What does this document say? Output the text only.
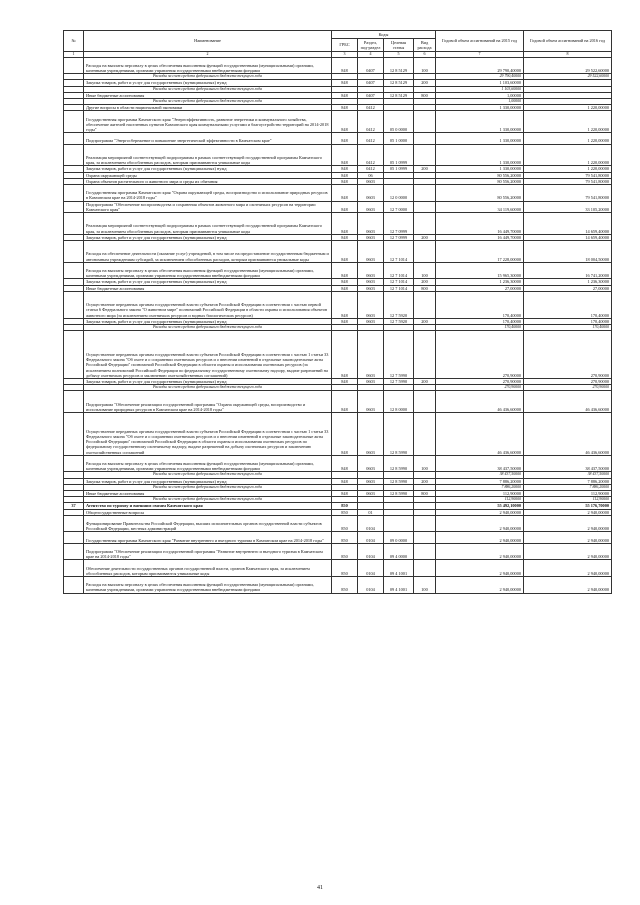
№	Наименование	Коды				Годовой объем ассигнований на 2015 год	Годовой объем ассигнований на 2016 год
		ГРБС	Раздел, под-раздел	Целевая статья	Вид расхода		
1	2	3	4	5	6	7	8
	Расходы на выплаты персоналу в целях обеспечения выполнения функций государственными (муниципальными) органами, казенными учреждениями, органами управления государственными внебюджетными фондами	848	0407	12 8 5129	100	29 790,40000	29 522,60000
	Расходы за счет средств федерального бюджета текущего года					29 790,40000	29 522,60000
	Закупка товаров, работ и услуг для государственных (муниципальных) нужд	848	0407	12 8 5129	200	1 103,60000	
	Расходы за счет средств федерального бюджета текущего года					1 103,60000	
	Иные бюджетные ассигнования	848	0407	12 8 5129	800	1,00000	
	Расходы за счет средств федерального бюджета текущего года					1,00000	
	Другие вопросы в области национальной экономики	848	0412			1 330,00000	1 220,00000
	Государственная программа Камчатского края "Энергоэффективность, развитие энергетики и коммунального хозяйства, обеспечение жителей населенных пунктов Камчатского края коммунальными услугами и благоустройство территорий на 2014-2018 годы"	848	0412	05 0 0000		1 330,00000	1 220,00000
	Подпрограмма "Энергосбережение и повышение энергетической эффективности в Камчатском крае"	848	0412	05 1 0000		1 330,00000	1 220,00000
	Реализация мероприятий соответствующей подпрограммы в рамках соответствующей государственной программы Камчатского края, за исключением обособленных расходов, которым присваиваются уникальные коды	848	0412	05 1 0999		1 330,00000	1 220,00000
	Закупка товаров, работ и услуг для государственных (муниципальных) нужд	848	0412	05 1 0999	200	1 330,00000	1 220,00000
	Охрана окружающей среды	848	06			80 556,20000	79 541,80000
	Охрана объектов растительного и животного мира и среды их обитания	848	0603			80 556,20000	79 541,80000
	Государственная программа Камчатского края "Охрана окружающей среды, воспроизводство и использование природных ресурсов в Камчатском крае на 2014-2018 годы"	848	0603	12 0 0000		80 556,20000	79 541,80000
	Подпрограмма "Обеспечение воспроизводства и сохранения объектов животного мира и охотничьих ресурсов на территории Камчатского края"	848	0603	12 7 0000		34 119,60000	33 105,20000
	Реализация мероприятий соответствующей подпрограммы в рамках соответствующей государственной программы Камчатского края, за исключением обособленных расходов, которым присваиваются уникальные коды	848	0603	12 7 0999		16 449,70000	14 659,40000
	Закупка товаров, работ и услуг для государственных (муниципальных) нужд	848	0603	12 7 0999	200	16 449,70000	14 659,40000
	Расходы на обеспечение деятельности (оказание услуг) учреждений, в том числе на предоставление государственным бюджетным и автономным учреждениям субсидий, за исключением обособленных расходов, которым присваиваются уникальные коды	848	0603	12 7 1014		17 228,00000	18 004,50000
	Расходы на выплаты персоналу в целях обеспечения выполнения функций государственными (муниципальными) органами, казенными учреждениями, органами управления государственными внебюджетными фондами	848	0603	12 7 1014	100	15 965,30000	16 741,20000
	Закупка товаров, работ и услуг для государственных (муниципальных) нужд	848	0603	12 7 1014	200	1 236,30000	1 236,30000
	Иные бюджетные ассигнования	848	0603	12 7 1014	800	27,00000	27,00000
	Осуществление переданных органам государственной власти субъектов Российской Федерации в соответствии с частью первой статьи 6 Федерального закона "О животном мире" полномочий Российской Федерации в области охраны и использования объектов животного мира (за исключением охотничьих ресурсов и водных биологических ресурсов)	848	0603	12 7 5920		170,40000	170,40000
	Закупка товаров, работ и услуг для государственных (муниципальных) нужд	848	0603	12 7 5920	200	170,40000	170,40000
	Расходы за счет средств федерального бюджета текущего года					170,40000	170,40000
	Осуществление переданных органам государственной власти субъектов Российской Федерации в соответствии с частью 1 статьи 33 Федерального закона "Об охоте и о сохранении охотничьих ресурсов и о внесении изменений в отдельные законодательные акты Российской Федерации" полномочий Российской Федерации в области охраны и использования охотничьих ресурсов (за исключением полномочий Российской Федерации по федеральному государственному охотничьему надзору, выдаче разрешений на добычу охотничьих ресурсов и заключению охотхозяйственных соглашений)	848	0603	12 7 5990		270,90000	270,90000
	Закупка товаров, работ и услуг для государственных (муниципальных) нужд	848	0603	12 7 5990	200	270,90000	270,90000
	Расходы за счет средств федерального бюджета текущего года					270,90000	270,90000
	Подпрограмма "Обеспечение реализации государственной программы "Охрана окружающей среды, воспроизводство и использование природных ресурсов в Камчатском крае на 2014-2018 годы"	848	0603	12 8 0000		46 436,60000	46 436,60000
	Осуществление переданных органам государственной власти субъектов Российской Федерации в соответствии с частью 1 статьи 33 Федерального закона "Об охоте и о сохранении охотничьих ресурсов и о внесении изменений в отдельные законодательные акты Российской Федерации" полномочий Российской Федерации в области охраны и использования охотничьих ресурсов по федеральному государственному охотничьему надзору, выдаче разрешений на добычу охотничьих ресурсов и заключению охотхозяйственных соглашений	848	0603	12 8 5990		46 436,60000	46 436,60000
	Расходы на выплаты персоналу в целях обеспечения выполнения функций государственными (муниципальными) органами, казенными учреждениями, органами управления государственными внебюджетными фондами	848	0603	12 8 5990	100	38 437,50000	38 437,50000
	Расходы за счет средств федерального бюджета текущего года					38 437,50000	38 437,50000
	Закупка товаров, работ и услуг для государственных (муниципальных) нужд	848	0603	12 8 5990	200	7 886,20000	7 886,20000
	Расходы за счет средств федерального бюджета текущего года					7 886,20000	7 886,20000
	Иные бюджетные ассигнования	848	0603	12 8 5990	800	112,90000	112,90000
	Расходы за счет средств федерального бюджета текущего года					112,90000	112,90000
37	Агентство по туризму и внешним связям Камчатского края	850				55 492,10000	55 176,70000
	Общегосударственные вопросы	850	01			2 940,00000	2 940,00000
	Функционирование Правительства Российской Федерации, высших исполнительных органов государственной власти субъектов Российской Федерации, местных администраций	850	0104			2 940,00000	2 940,00000
	Государственная программа Камчатского края "Развитие внутреннего и въездного туризма в Камчатском крае на 2014-2018 годы"	850	0104	09 0 0000		2 940,00000	2 940,00000
	Подпрограмма "Обеспечение реализации государственной программы "Развитие внутреннего и въездного туризма в Камчатском крае на 2014-2018 годы"	850	0104	09 4 0000		2 940,00000	2 940,00000
	Обеспечение деятельности государственных органов государственной власти, органов Камчатского края, за исключением обособленных расходов, которым присваиваются уникальные коды	850	0104	09 4 1001		2 940,00000	2 940,00000
	Расходы на выплаты персоналу в целях обеспечения выполнения функций государственными (муниципальными) органами, казенными учреждениями, органами управления государственными внебюджетными фондами	850	0104	09 4 1001	100	2 940,00000	2 940,00000
41
